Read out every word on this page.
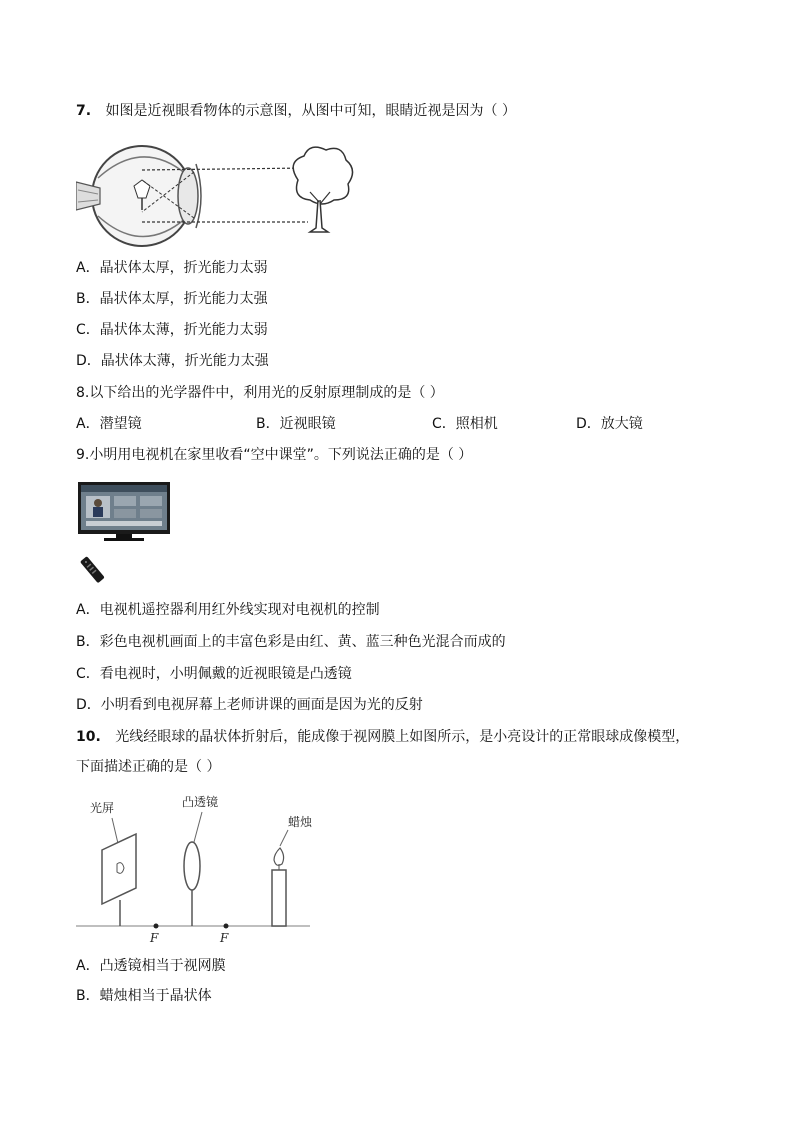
7. 如图是近视眼看物体的示意图，从图中可知，眼睛近视是因为（ ）
A．晶状体太厚，折光能力太弱
B．晶状体太厚，折光能力太强
C．晶状体太薄，折光能力太弱
D．晶状体太薄，折光能力太强
8.以下给出的光学器件中，利用光的反射原理制成的是（ ）
A．潜望镜	B．近视眼镜	C．照相机	D．放大镜
9.小明用电视机在家里收看“空中课堂”。下列说法正确的是（ ）
A．电视机遥控器利用红外线实现对电视机的控制
B．彩色电视机画面上的丰富色彩是由红、黄、蓝三种色光混合而成的
C．看电视时，小明佩戴的近视眼镜是凸透镜
D．小明看到电视屏幕上老师讲课的画面是因为光的反射
10. 光线经眼球的晶状体折射后，能成像于视网膜上如图所示，是小亮设计的正常眼球成像模型，
下面描述正确的是（ ）
光屏	凸透镜
蜡烛
F	F
A．凸透镜相当于视网膜
B．蜡烛相当于晶状体
